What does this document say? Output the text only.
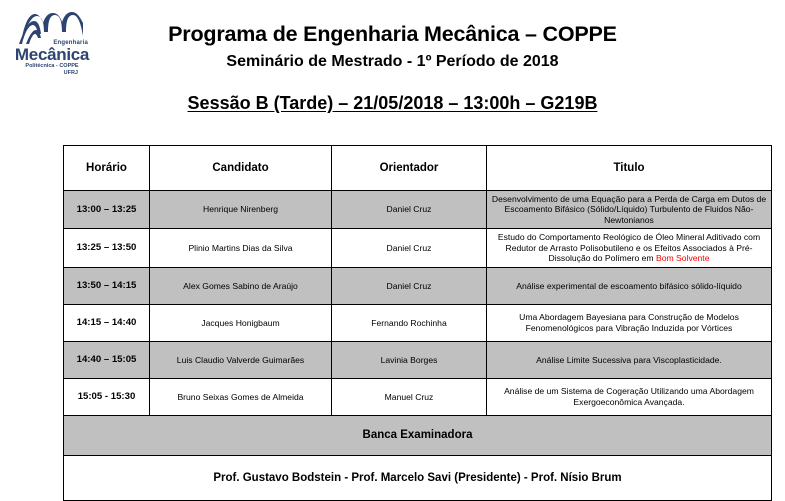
Engenharia
Mecânica
Politécnica - COPPE
UFRJ
Programa de Engenharia Mecânica – COPPE
Seminário de Mestrado - 1º Período de 2018
Sessão B (Tarde) – 21/05/2018 – 13:00h – G219B
Horário	Candidato	Orientador	Titulo
13:00 – 13:25	Henrique Nirenberg	Daniel Cruz	Desenvolvimento de uma Equação para a Perda de Carga em Dutos de Escoamento Bifásico (Sólido/Líquido) Turbulento de Fluidos Não-Newtonianos
13:25 – 13:50	Plinio Martins Dias da Silva	Daniel Cruz	Estudo do Comportamento Reológico de Óleo Mineral Aditivado com Redutor de Arrasto Polisobutileno e os Efeitos Associados à Pré-Dissolução do Polímero em Bom Solvente
13:50 – 14:15	Alex Gomes Sabino de Araújo	Daniel Cruz	Análise experimental de escoamento bifásico sólido-líquido
14:15 – 14:40	Jacques Honigbaum	Fernando Rochinha	Uma Abordagem Bayesiana para Construção de Modelos Fenomenológicos para Vibração Induzida por Vórtices
14:40 – 15:05	Luis Claudio Valverde Guimarães	Lavinia Borges	Análise Limite Sucessiva para Viscoplasticidade.
15:05 - 15:30	Bruno Seixas Gomes de Almeida	Manuel Cruz	Análise de um Sistema de Cogeração Utilizando uma Abordagem Exergoeconômica Avançada.
Banca Examinadora			
Prof. Gustavo Bodstein - Prof. Marcelo Savi (Presidente) - Prof. Nísio Brum			
